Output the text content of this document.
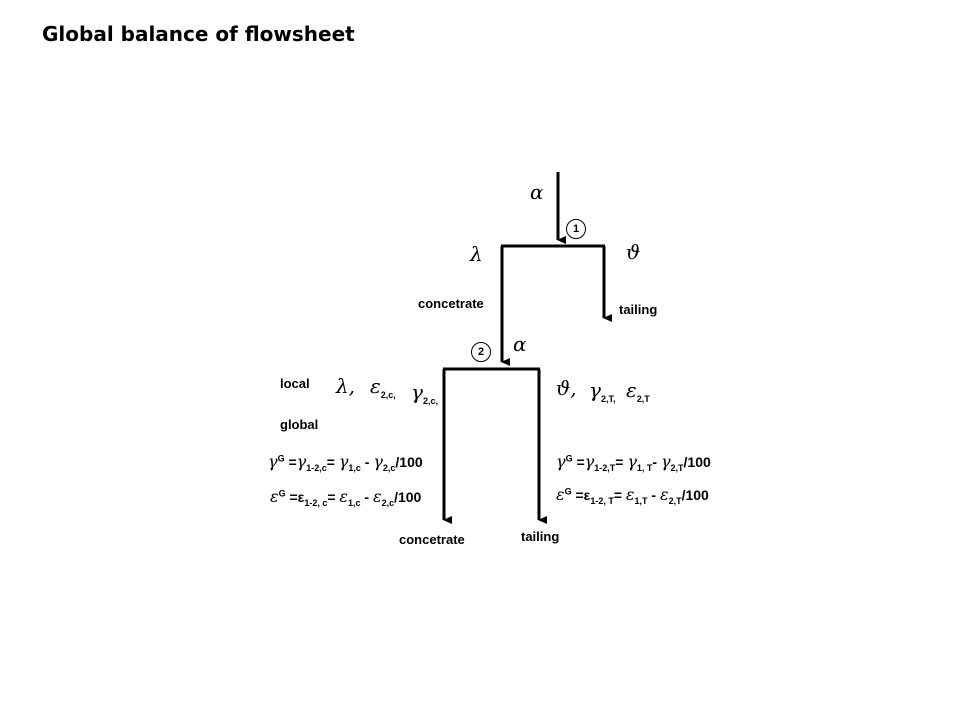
Global balance of flowsheet
1
2
α
λ	ϑ
concetrate	tailing
α
local
global
λ, $\varepsilon_{2,c,}$ $\gamma_{2,c,}$
ϑ, $\gamma_{2,T,}$ $\varepsilon_{2,T}$
concetrate	tailing
$\gamma^G =\gamma_{1-2,c}= \gamma_{1,c} - \gamma_{2,c}/100$
$\varepsilon^G =\varepsilon_{1-2, c}= \varepsilon_{1,c} - \varepsilon_{2,c}/100$
$\gamma^G =\gamma_{1-2,T}= \gamma_{1, T}-$ $\gamma_{2,T}/100$
$\varepsilon^G =\varepsilon_{1-2, T}= \varepsilon_{1,T} - \varepsilon_{2,T}/100$
